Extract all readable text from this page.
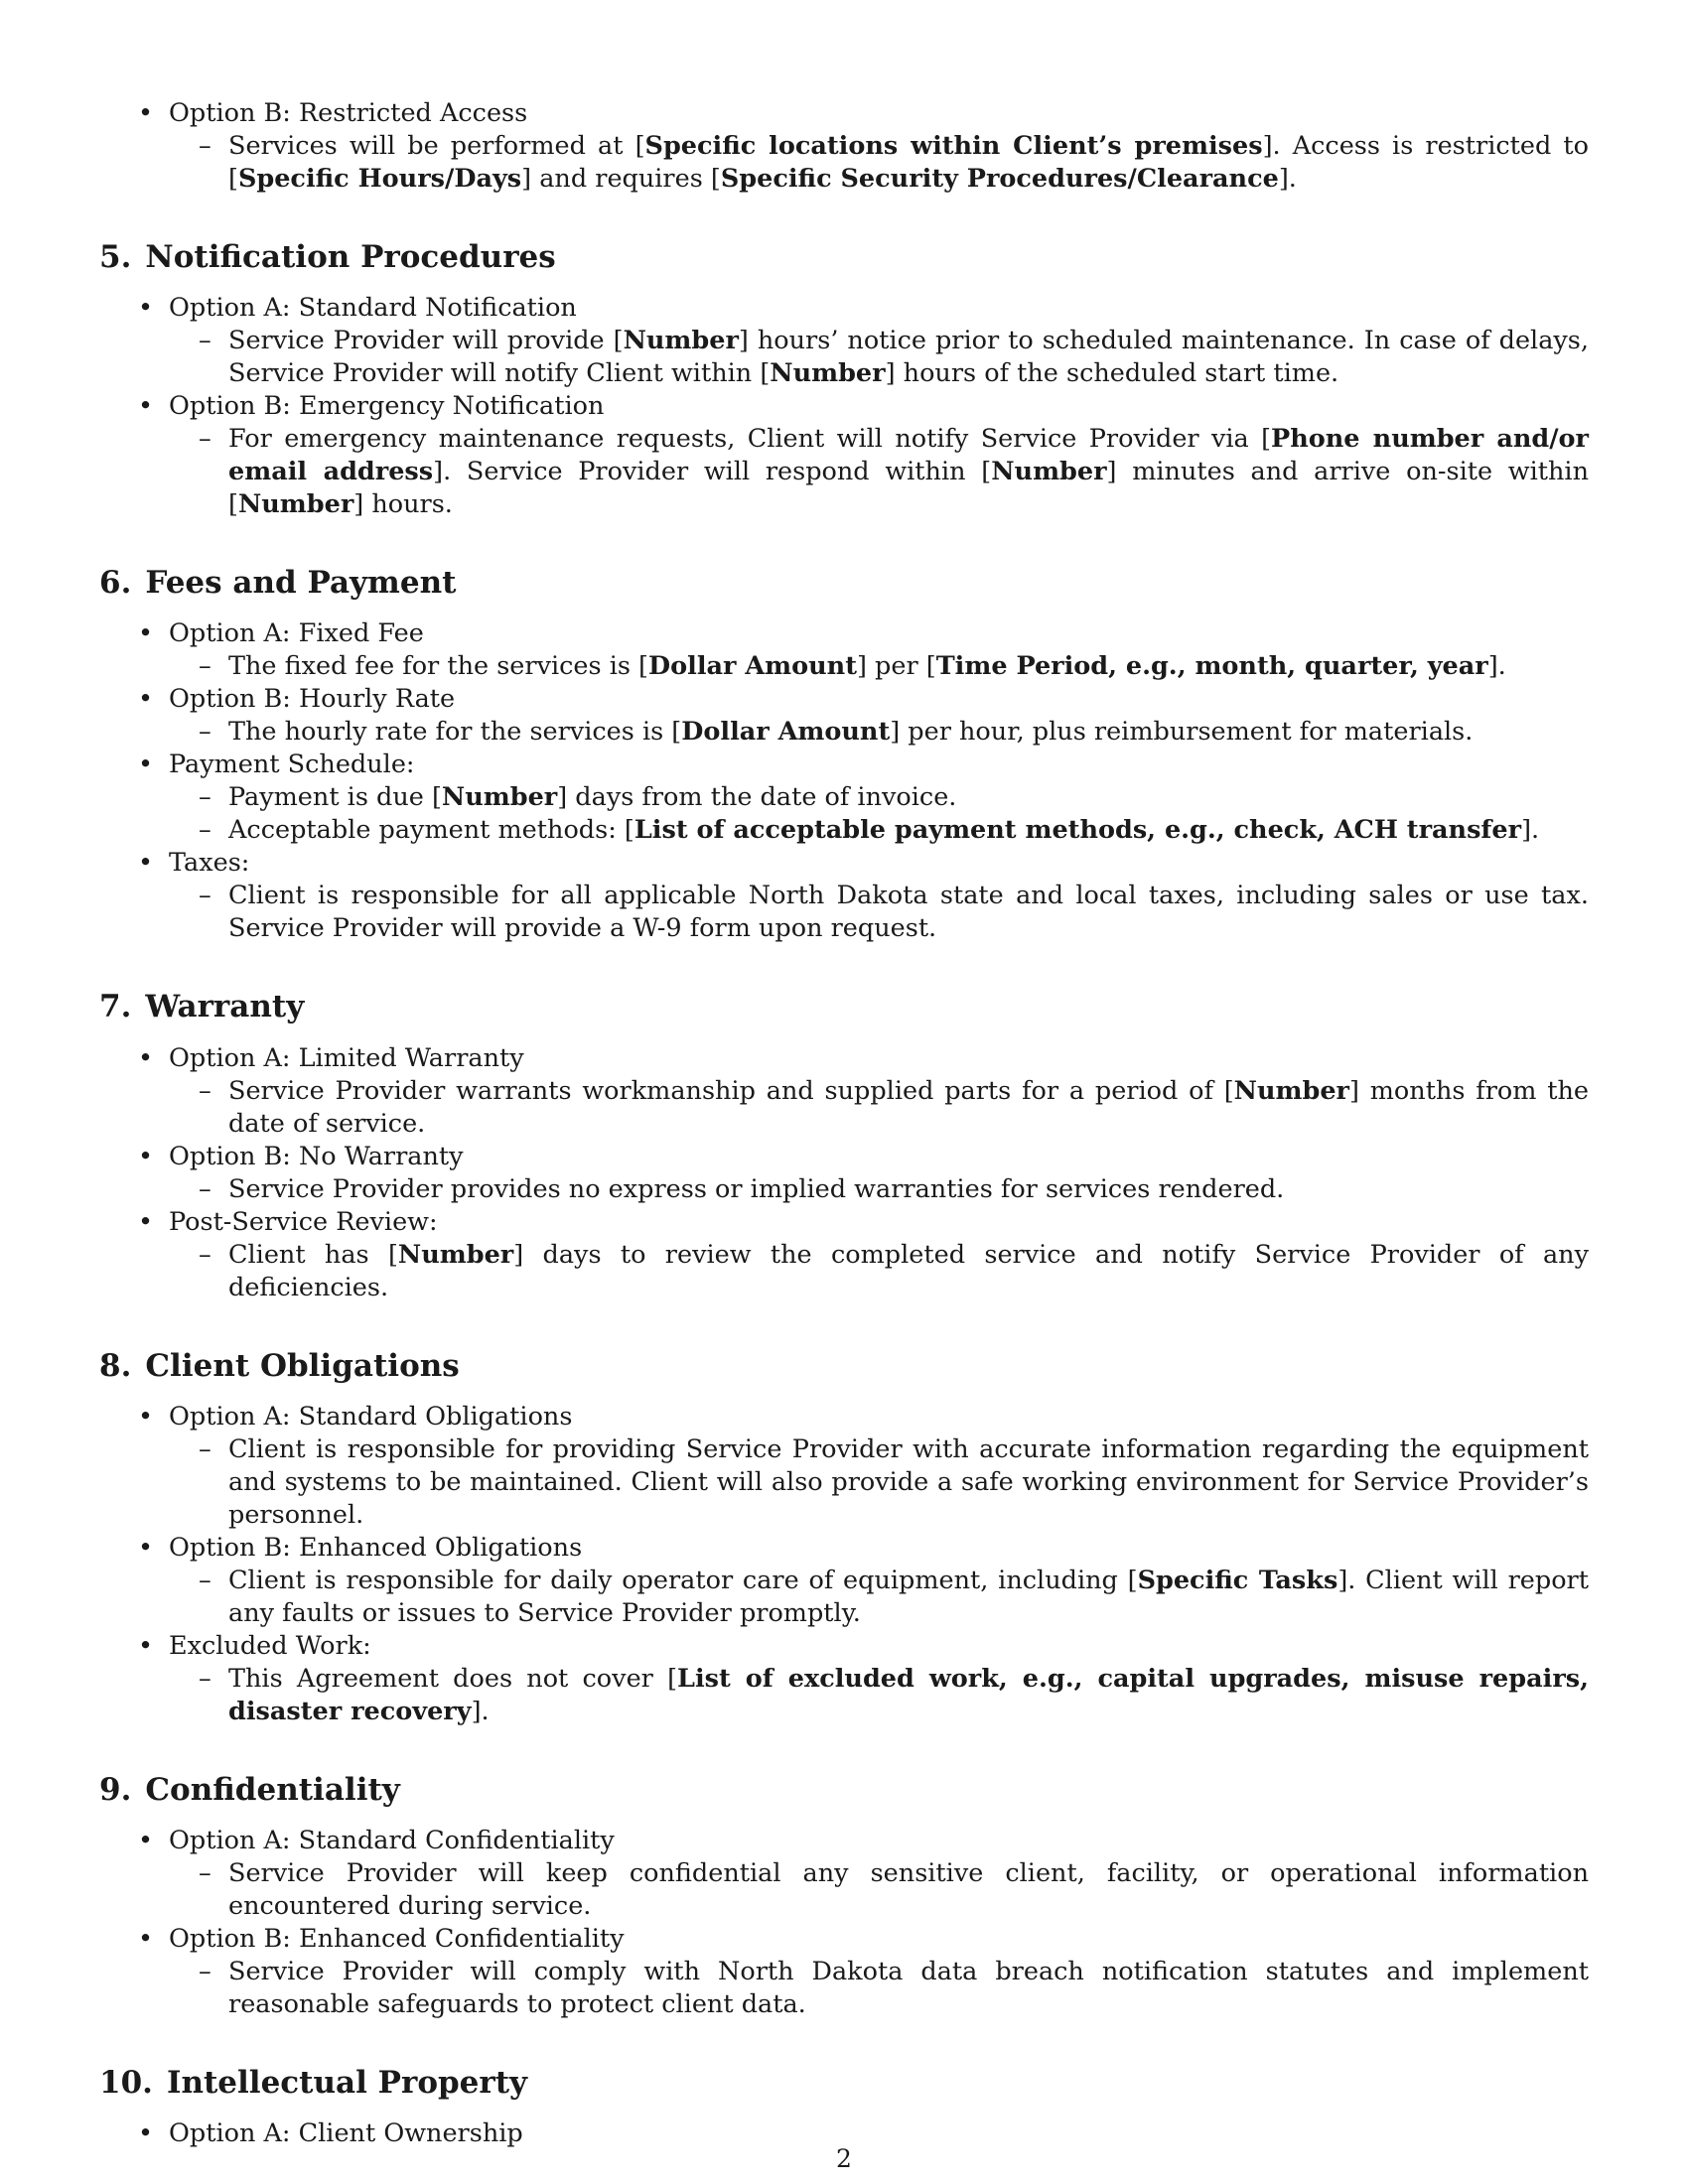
• Option B: Restricted Access
– Services will be performed at [Specific locations within Client’s premises]. Access is restricted to [Specific Hours/Days] and requires [Specific Security Procedures/Clearance].
5. Notification Procedures
• Option A: Standard Notification
– Service Provider will provide [Number] hours’ notice prior to scheduled maintenance. In case of delays, Service Provider will notify Client within [Number] hours of the scheduled start time.
• Option B: Emergency Notification
– For emergency maintenance requests, Client will notify Service Provider via [Phone number and/or email address]. Service Provider will respond within [Number] minutes and arrive on-site within [Number] hours.
6. Fees and Payment
• Option A: Fixed Fee
– The fixed fee for the services is [Dollar Amount] per [Time Period, e.g., month, quarter, year].
• Option B: Hourly Rate
– The hourly rate for the services is [Dollar Amount] per hour, plus reimbursement for materials.
• Payment Schedule:
– Payment is due [Number] days from the date of invoice.
– Acceptable payment methods: [List of acceptable payment methods, e.g., check, ACH transfer].
• Taxes:
– Client is responsible for all applicable North Dakota state and local taxes, including sales or use tax. Service Provider will provide a W-9 form upon request.
7. Warranty
• Option A: Limited Warranty
– Service Provider warrants workmanship and supplied parts for a period of [Number] months from the date of service.
• Option B: No Warranty
– Service Provider provides no express or implied warranties for services rendered.
• Post-Service Review:
– Client has [Number] days to review the completed service and notify Service Provider of any deficiencies.
8. Client Obligations
• Option A: Standard Obligations
– Client is responsible for providing Service Provider with accurate information regarding the equipment and systems to be maintained. Client will also provide a safe working environment for Service Provider’s personnel.
• Option B: Enhanced Obligations
– Client is responsible for daily operator care of equipment, including [Specific Tasks]. Client will report any faults or issues to Service Provider promptly.
• Excluded Work:
– This Agreement does not cover [List of excluded work, e.g., capital upgrades, misuse repairs, disaster recovery].
9. Confidentiality
• Option A: Standard Confidentiality
– Service Provider will keep confidential any sensitive client, facility, or operational information encountered during service.
• Option B: Enhanced Confidentiality
– Service Provider will comply with North Dakota data breach notification statutes and implement reasonable safeguards to protect client data.
10. Intellectual Property
• Option A: Client Ownership
2
